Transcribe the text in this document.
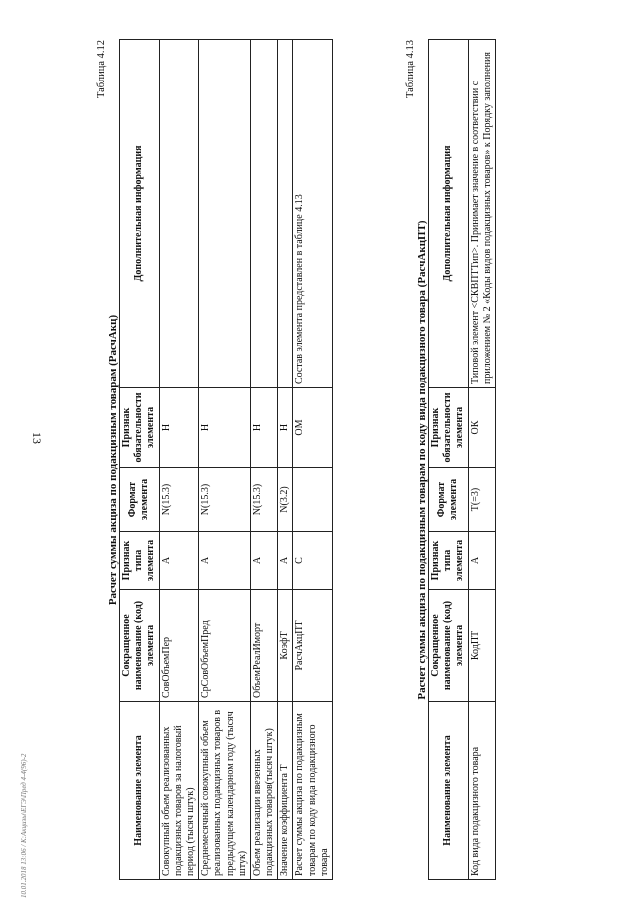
13
Таблица 4.12
Расчет суммы акциза по подакцизным товарам (РасчАкц)
Наименование элемента	Сокращенное наименование (код) элемента	Признак типа элемента	Формат элемента	Признак обязательности элемента	Дополнительная информация
Совокупный объем реализованных подакцизных товаров за налоговый период (тысяч штук)	СовОбъемПер	А	N(15.3)	Н	
Среднемесячный совокупный объем реализованных подакцизных товаров в предыдущем календарном году (тысяч штук)	СрСовОбъемПред	А	N(15.3)	Н	
Объем реализации ввезенных подакцизных товаров(тысяч штук)	ОбъемРеалИморт	А	N(15.3)	Н	
Значение коэффициента Т	КоэфТ	А	N(3.2)	Н	
Расчет суммы акциза по подакцизным товарам по коду вида подакцизного товара	РасчАкцПТ	С		ОМ	Состав элемента представлен в таблице 4.13
Таблица 4.13
Расчет суммы акциза по подакцизным товарам по коду вида подакцизного товара (РасчАкцПТ)
Наименование элемента	Сокращенное наименование (код) элемента	Признак типа элемента	Формат элемента	Признак обязательности элемента	Дополнительная информация
Код вида подакцизного товара	КодПТ	А	T(=3)	ОК	Типовой элемент <СКВПТТип>. Принимает значение в соответствии с приложением № 2 «Коды видов подакцизных товаров» к Порядку заполнения
10.01.2018 13:06 / К:Акцизы\ЕГЭ\Пред 4-4(96)-2
